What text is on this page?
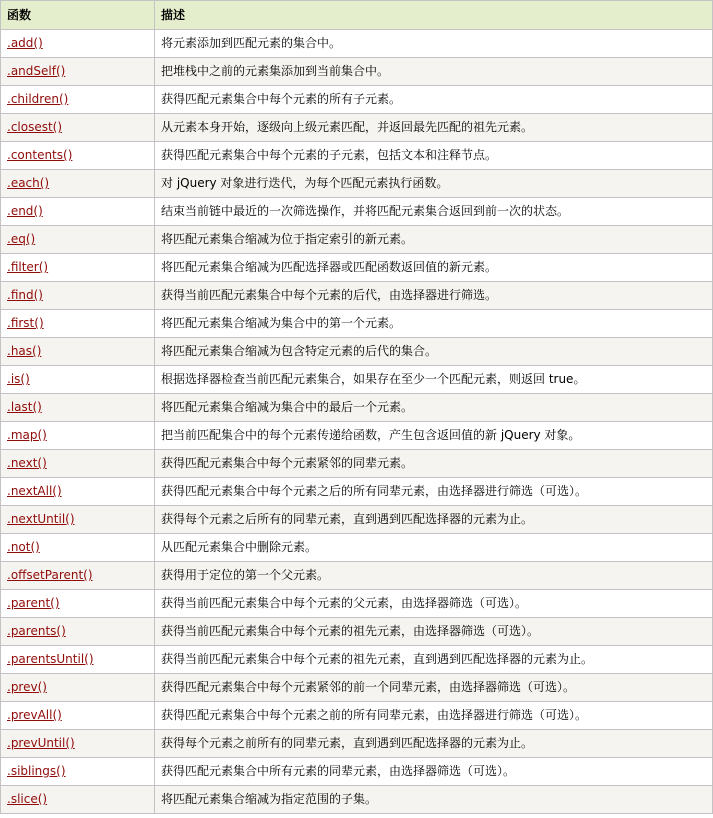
函数	描述
.add()	将元素添加到匹配元素的集合中。
.andSelf()	把堆栈中之前的元素集添加到当前集合中。
.children()	获得匹配元素集合中每个元素的所有子元素。
.closest()	从元素本身开始，逐级向上级元素匹配，并返回最先匹配的祖先元素。
.contents()	获得匹配元素集合中每个元素的子元素，包括文本和注释节点。
.each()	对 jQuery 对象进行迭代，为每个匹配元素执行函数。
.end()	结束当前链中最近的一次筛选操作，并将匹配元素集合返回到前一次的状态。
.eq()	将匹配元素集合缩减为位于指定索引的新元素。
.filter()	将匹配元素集合缩减为匹配选择器或匹配函数返回值的新元素。
.find()	获得当前匹配元素集合中每个元素的后代，由选择器进行筛选。
.first()	将匹配元素集合缩减为集合中的第一个元素。
.has()	将匹配元素集合缩减为包含特定元素的后代的集合。
.is()	根据选择器检查当前匹配元素集合，如果存在至少一个匹配元素，则返回 true。
.last()	将匹配元素集合缩减为集合中的最后一个元素。
.map()	把当前匹配集合中的每个元素传递给函数，产生包含返回值的新 jQuery 对象。
.next()	获得匹配元素集合中每个元素紧邻的同辈元素。
.nextAll()	获得匹配元素集合中每个元素之后的所有同辈元素，由选择器进行筛选（可选）。
.nextUntil()	获得每个元素之后所有的同辈元素，直到遇到匹配选择器的元素为止。
.not()	从匹配元素集合中删除元素。
.offsetParent()	获得用于定位的第一个父元素。
.parent()	获得当前匹配元素集合中每个元素的父元素，由选择器筛选（可选）。
.parents()	获得当前匹配元素集合中每个元素的祖先元素，由选择器筛选（可选）。
.parentsUntil()	获得当前匹配元素集合中每个元素的祖先元素，直到遇到匹配选择器的元素为止。
.prev()	获得匹配元素集合中每个元素紧邻的前一个同辈元素，由选择器筛选（可选）。
.prevAll()	获得匹配元素集合中每个元素之前的所有同辈元素，由选择器进行筛选（可选）。
.prevUntil()	获得每个元素之前所有的同辈元素，直到遇到匹配选择器的元素为止。
.siblings()	获得匹配元素集合中所有元素的同辈元素，由选择器筛选（可选）。
.slice()	将匹配元素集合缩减为指定范围的子集。
